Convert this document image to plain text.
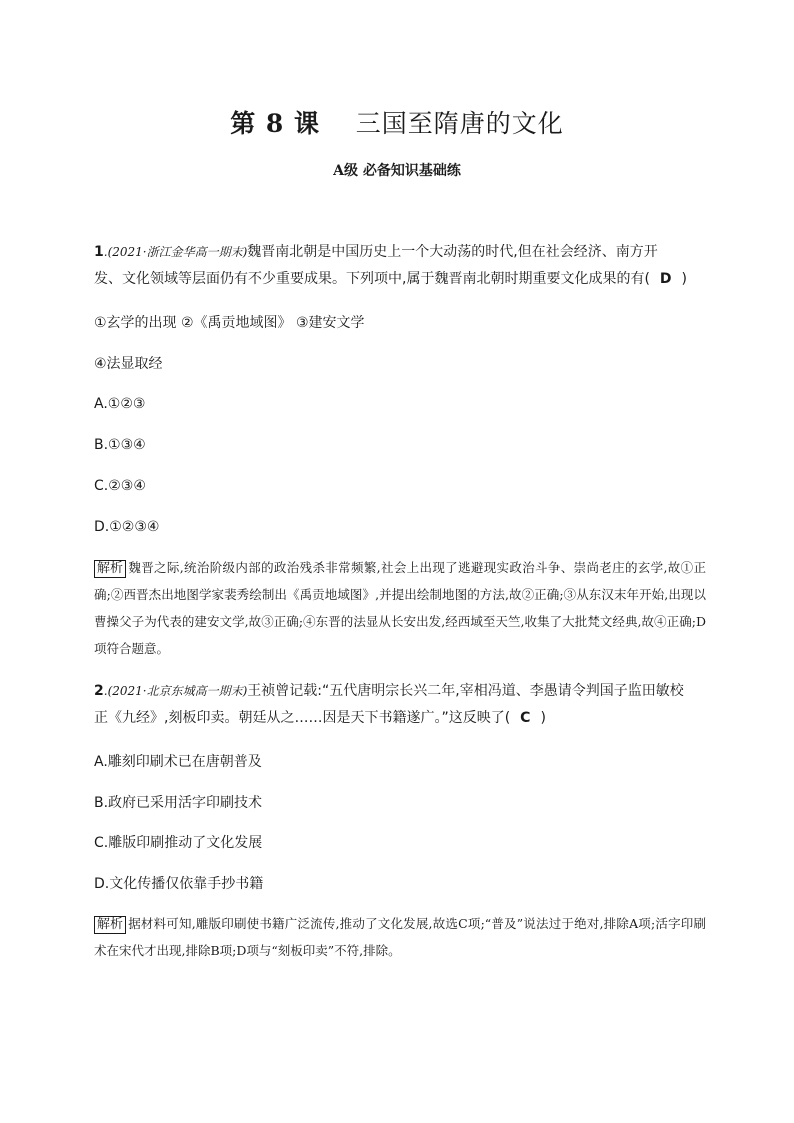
第 8 课 三国至隋唐的文化
A级 必备知识基础练
1.(2021·浙江金华高一期末)魏晋南北朝是中国历史上一个大动荡的时代,但在社会经济、南方开
发、文化领域等层面仍有不少重要成果。下列项中,属于魏晋南北朝时期重要文化成果的有( D )
①玄学的出现 ②《禹贡地域图》 ③建安文学
④法显取经
A.①②③
B.①③④
C.②③④
D.①②③④
解析 魏晋之际,统治阶级内部的政治残杀非常频繁,社会上出现了逃避现实政治斗争、崇尚老庄的玄学,故①正确;②西晋杰出地图学家裴秀绘制出《禹贡地域图》,并提出绘制地图的方法,故②正确;③从东汉末年开始,出现以曹操父子为代表的建安文学,故③正确;④东晋的法显从长安出发,经西域至天竺,收集了大批梵文经典,故④正确;D项符合题意。
2.(2021·北京东城高一期末)王祯曾记载:“五代唐明宗长兴二年,宰相冯道、李愚请令判国子监田敏校
正《九经》,刻板印卖。朝廷从之……因是天下书籍遂广。”这反映了( C )
A.雕刻印刷术已在唐朝普及
B.政府已采用活字印刷技术
C.雕版印刷推动了文化发展
D.文化传播仅依靠手抄书籍
解析 据材料可知,雕版印刷使书籍广泛流传,推动了文化发展,故选C项;“普及”说法过于绝对,排除A项;活字印刷术在宋代才出现,排除B项;D项与“刻板印卖”不符,排除。
